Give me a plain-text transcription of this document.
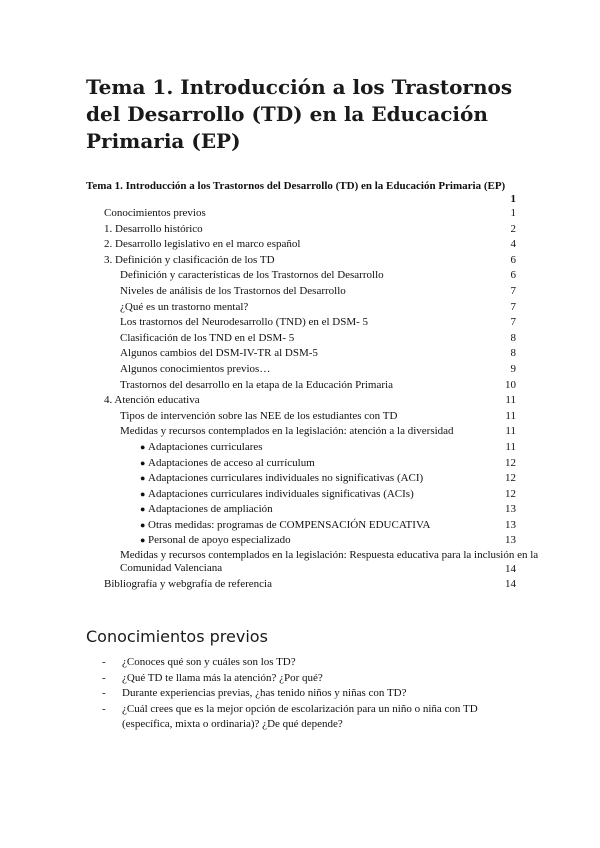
Tema 1. Introducción a los Trastornos del Desarrollo (TD) en la Educación Primaria (EP)
Tema 1. Introducción a los Trastornos del Desarrollo (TD) en la Educación Primaria (EP)
1
Conocimientos previos	1
1. Desarrollo histórico	2
2. Desarrollo legislativo en el marco español	4
3. Definición y clasificación de los TD	6
Definición y características de los Trastornos del Desarrollo	6
Niveles de análisis de los Trastornos del Desarrollo	7
¿Qué es un trastorno mental?	7
Los trastornos del Neurodesarrollo (TND) en el DSM- 5	7
Clasificación de los TND en el DSM- 5	8
Algunos cambios del DSM-IV-TR al DSM-5	8
Algunos conocimientos previos…	9
Trastornos del desarrollo en la etapa de la Educación Primaria	10
4. Atención educativa	11
Tipos de intervención sobre las NEE de los estudiantes con TD	11
Medidas y recursos contemplados en la legislación: atención a la diversidad	11
● Adaptaciones curriculares	11
● Adaptaciones de acceso al currículum	12
● Adaptaciones curriculares individuales no significativas (ACI)	12
● Adaptaciones curriculares individuales significativas (ACIs)	12
● Adaptaciones de ampliación	13
● Otras medidas: programas de COMPENSACIÓN EDUCATIVA	13
● Personal de apoyo especializado	13
Medidas y recursos contemplados en la legislación: Respuesta educativa para la inclusión en la Comunidad Valenciana	14
Bibliografía y webgrafía de referencia	14
Conocimientos previos
- ¿Conoces qué son y cuáles son los TD?
- ¿Qué TD te llama más la atención? ¿Por qué?
- Durante experiencias previas, ¿has tenido niños y niñas con TD?
- ¿Cuál crees que es la mejor opción de escolarización para un niño o niña con TD (específica, mixta o ordinaria)? ¿De qué depende?
